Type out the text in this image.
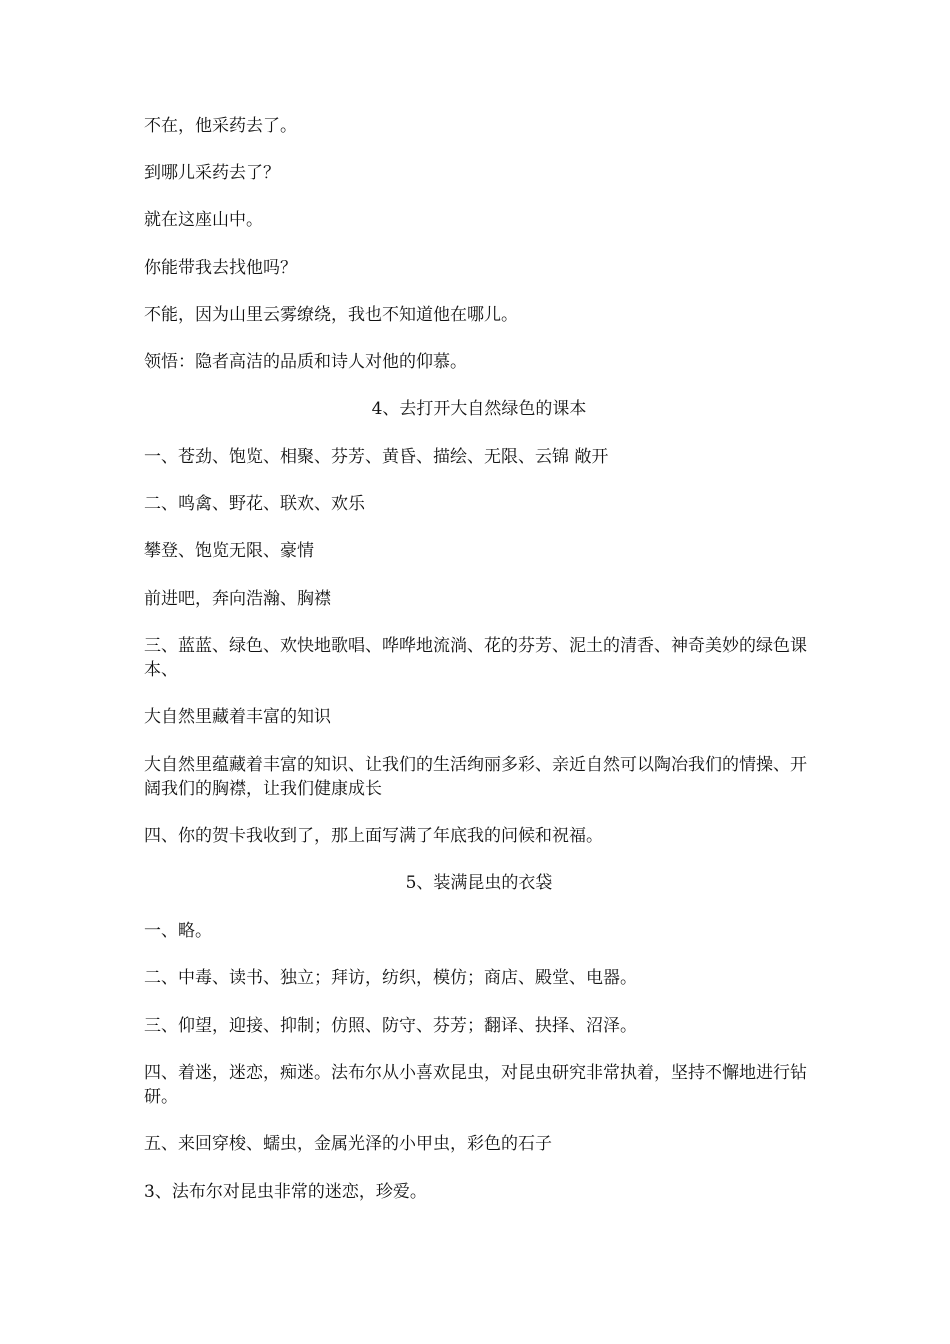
不在，他采药去了。
到哪儿采药去了？
就在这座山中。
你能带我去找他吗？
不能，因为山里云雾缭绕，我也不知道他在哪儿。
领悟：隐者高洁的品质和诗人对他的仰慕。
4、去打开大自然绿色的课本
一、苍劲、饱览、相聚、芬芳、黄昏、描绘、无限、云锦 敞开
二、鸣禽、野花、联欢、欢乐
攀登、饱览无限、豪情
前进吧，奔向浩瀚、胸襟
三、蓝蓝、绿色、欢快地歌唱、哗哗地流淌、花的芬芳、泥土的清香、神奇美妙的绿色课本、
大自然里藏着丰富的知识
大自然里蕴藏着丰富的知识、让我们的生活绚丽多彩、亲近自然可以陶冶我们的情操、开阔我们的胸襟，让我们健康成长
四、你的贺卡我收到了，那上面写满了年底我的问候和祝福。
5、装满昆虫的衣袋
一、略。
二、中毒、读书、独立；拜访，纺织，模仿；商店、殿堂、电器。
三、仰望，迎接、抑制；仿照、防守、芬芳；翻译、抉择、沼泽。
四、着迷，迷恋，痴迷。法布尔从小喜欢昆虫，对昆虫研究非常执着，坚持不懈地进行钻研。
五、来回穿梭、蠕虫，金属光泽的小甲虫，彩色的石子
3、法布尔对昆虫非常的迷恋，珍爱。
